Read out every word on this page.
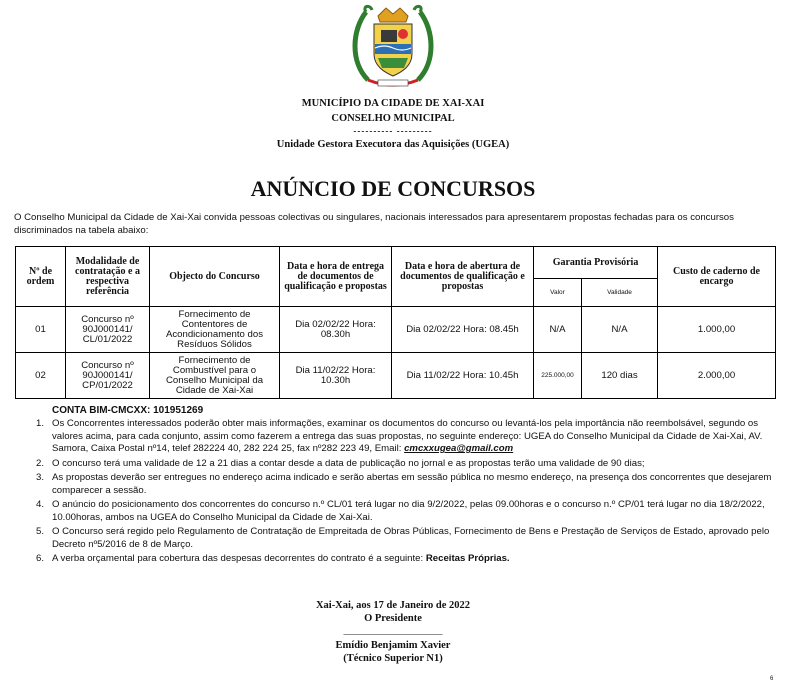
MUNICÍPIO DA CIDADE DE XAI-XAI
CONSELHO MUNICIPAL
---------- ---------
Unidade Gestora Executora das Aquisições (UGEA)
ANÚNCIO DE CONCURSOS
O Conselho Municipal da Cidade de Xai-Xai convida pessoas colectivas ou singulares, nacionais interessados para apresentarem propostas fechadas para os concursos discriminados na tabela abaixo:
Nº de ordem	Modalidade de contratação e a respectiva referência	Objecto do Concurso	Data e hora de entrega de documentos de qualificação e propostas	Data e hora de abertura de documentos de qualificação e propostas	Garantia Provisória		Custo de caderno de encargo
					Valor	Validade	
01	Concurso nº 90J000141/ CL/01/2022	Fornecimento de Contentores de Acondicionamento dos Resíduos Sólidos	Dia 02/02/22 Hora: 08.30h	Dia 02/02/22 Hora: 08.45h	N/A	N/A	1.000,00
02	Concurso nº 90J000141/ CP/01/2022	Fornecimento de Combustível para o Conselho Municipal da Cidade de Xai-Xai	Dia 11/02/22 Hora: 10.30h	Dia 11/02/22 Hora: 10.45h	225.000,00	120 dias	2.000,00
CONTA BIM-CMCXX: 101951269
1. Os Concorrentes interessados poderão obter mais informações, examinar os documentos do concurso ou levantá-los pela importância não reembolsável, segundo os valores acima, para cada conjunto, assim como fazerem a entrega das suas propostas, no seguinte endereço: UGEA do Conselho Municipal da Cidade de Xai-Xai, AV. Samora, Caixa Postal nº14, telef 282224 40, 282 224 25, fax nº282 223 49, Email: cmcxxugea@gmail.com
2. O concurso terá uma validade de 12 a 21 dias a contar desde a data de publicação no jornal e as propostas terão uma validade de 90 dias;
3. As propostas deverão ser entregues no endereço acima indicado e serão abertas em sessão pública no mesmo endereço, na presença dos concorrentes que desejarem comparecer a sessão.
4. O anúncio do posicionamento dos concorrentes do concurso n.º CL/01 terá lugar no dia 9/2/2022, pelas 09.00horas e o concurso n.º CP/01 terá lugar no dia 18/2/2022, 10.00horas, ambos na UGEA do Conselho Municipal da Cidade de Xai-Xai.
5. O Concurso será regido pelo Regulamento de Contratação de Empreitada de Obras Públicas, Fornecimento de Bens e Prestação de Serviços de Estado, aprovado pelo Decreto nº5/2016 de 8 de Março.
6. A verba orçamental para cobertura das despesas decorrentes do contrato é a seguinte: Receitas Próprias.
Xai-Xai, aos 17 de Janeiro de 2022
O Presidente
______________________
Emídio Benjamim Xavier
(Técnico Superior N1)
6
